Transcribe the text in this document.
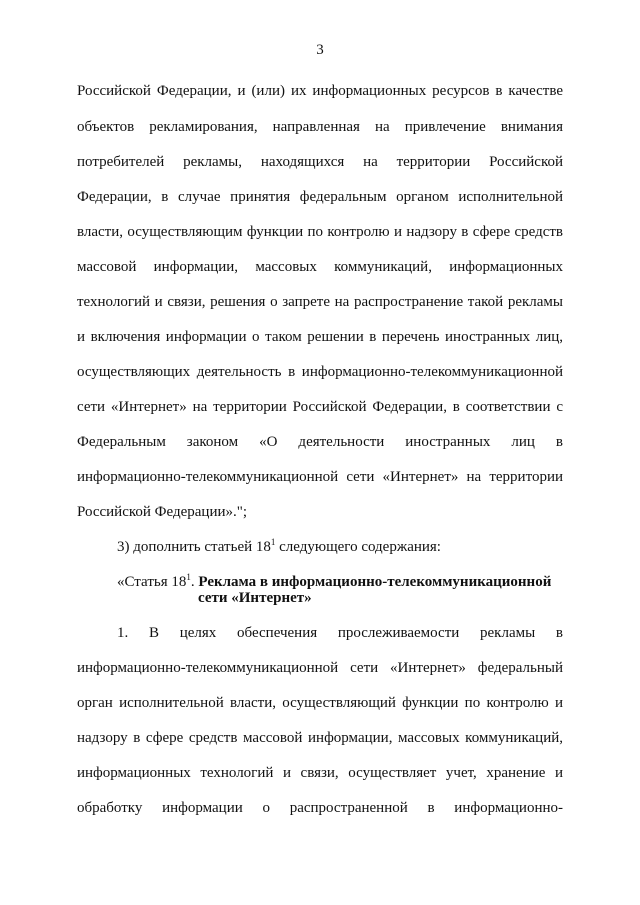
3
Российской Федерации, и (или) их информационных ресурсов в качестве
объектов рекламирования, направленная на привлечение внимания
потребителей рекламы, находящихся на территории Российской
Федерации, в случае принятия федеральным органом исполнительной
власти, осуществляющим функции по контролю и надзору в сфере средств
массовой информации, массовых коммуникаций, информационных
технологий и связи, решения о запрете на распространение такой рекламы
и включения информации о таком решении в перечень иностранных лиц,
осуществляющих деятельность в информационно-телекоммуникационной
сети «Интернет» на территории Российской Федерации, в соответствии с
Федеральным законом «О деятельности иностранных лиц в
информационно-телекоммуникационной сети «Интернет» на территории
Российской Федерации».";
3) дополнить статьей $18^1$ следующего содержания:
«Статья $18^1$. Реклама в информационно-телекоммуникационной
сети «Интернет»
1. В целях обеспечения прослеживаемости рекламы в
информационно-телекоммуникационной сети «Интернет» федеральный
орган исполнительной власти, осуществляющий функции по контролю и
надзору в сфере средств массовой информации, массовых коммуникаций,
информационных технологий и связи, осуществляет учет, хранение и
обработку информации о распространенной в информационно-
